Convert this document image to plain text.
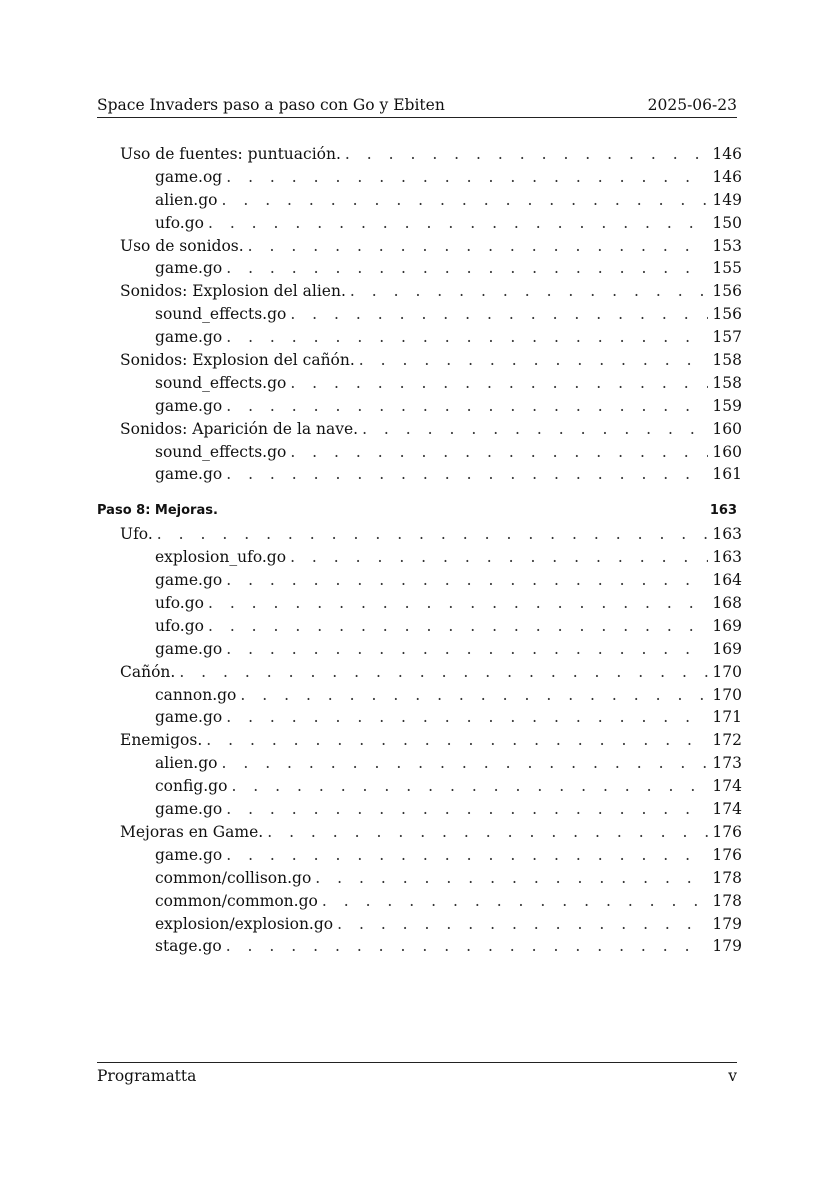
Space Invaders paso a paso con Go y Ebiten	2025-06-23
Uso de fuentes: puntuación. . . .	146
game.og . . .	146
alien.go . . .	149
ufo.go . . .	150
Uso de sonidos. . . .	153
game.go . . .	155
Sonidos: Explosion del alien. . . .	156
sound_effects.go . . .	156
game.go . . .	157
Sonidos: Explosion del cañón. . . .	158
sound_effects.go . . .	158
game.go . . .	159
Sonidos: Aparición de la nave. . . .	160
sound_effects.go . . .	160
game.go . . .	161
Paso 8: Mejoras.	163
Ufo. . . .	163
explosion_ufo.go . . .	163
game.go . . .	164
ufo.go . . .	168
ufo.go . . .	169
game.go . . .	169
Cañón. . . .	170
cannon.go . . .	170
game.go . . .	171
Enemigos. . . .	172
alien.go . . .	173
config.go . . .	174
game.go . . .	174
Mejoras en Game. . . .	176
game.go . . .	176
common/collison.go . . .	178
common/common.go . . .	178
explosion/explosion.go . . .	179
stage.go . . .	179
Programatta	v
